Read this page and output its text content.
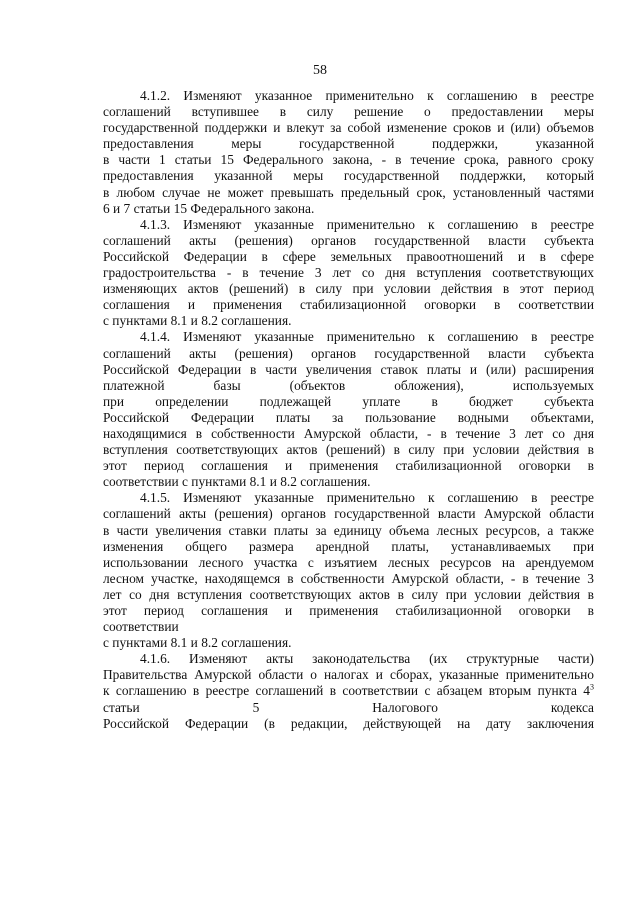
58
4.1.2. Изменяют указанное применительно к соглашению в реестре
соглашений вступившее в силу решение о предоставлении меры
государственной поддержки и влекут за собой изменение сроков и (или) объемов
предоставления меры государственной поддержки, указанной
в части 1 статьи 15 Федерального закона, - в течение срока, равного сроку
предоставления указанной меры государственной поддержки, который
в любом случае не может превышать предельный срок, установленный частями
6 и 7 статьи 15 Федерального закона.
4.1.3. Изменяют указанные применительно к соглашению в реестре
соглашений акты (решения) органов государственной власти субъекта
Российской Федерации в сфере земельных правоотношений и в сфере
градостроительства - в течение 3 лет со дня вступления соответствующих
изменяющих актов (решений) в силу при условии действия в этот период
соглашения и применения стабилизационной оговорки в соответствии
с пунктами 8.1 и 8.2 соглашения.
4.1.4. Изменяют указанные применительно к соглашению в реестре
соглашений акты (решения) органов государственной власти субъекта
Российской Федерации в части увеличения ставок платы и (или) расширения
платежной базы (объектов обложения), используемых
при определении подлежащей уплате в бюджет субъекта
Российской Федерации платы за пользование водными объектами,
находящимися в собственности Амурской области, - в течение 3 лет со дня
вступления соответствующих актов (решений) в силу при условии действия в
этот период соглашения и применения стабилизационной оговорки в
соответствии с пунктами 8.1 и 8.2 соглашения.
4.1.5. Изменяют указанные применительно к соглашению в реестре
соглашений акты (решения) органов государственной власти Амурской области
в части увеличения ставки платы за единицу объема лесных ресурсов, а также
изменения общего размера арендной платы, устанавливаемых при
использовании лесного участка с изъятием лесных ресурсов на арендуемом
лесном участке, находящемся в собственности Амурской области, - в течение 3
лет со дня вступления соответствующих актов в силу при условии действия в
этот период соглашения и применения стабилизационной оговорки в
соответствии
с пунктами 8.1 и 8.2 соглашения.
4.1.6. Изменяют акты законодательства (их структурные части)
Правительства Амурской области о налогах и сборах, указанные применительно
к соглашению в реестре соглашений в соответствии с абзацем вторым пункта $4^3$
статьи 5 Налогового кодекса
Российской Федерации (в редакции, действующей на дату заключения
